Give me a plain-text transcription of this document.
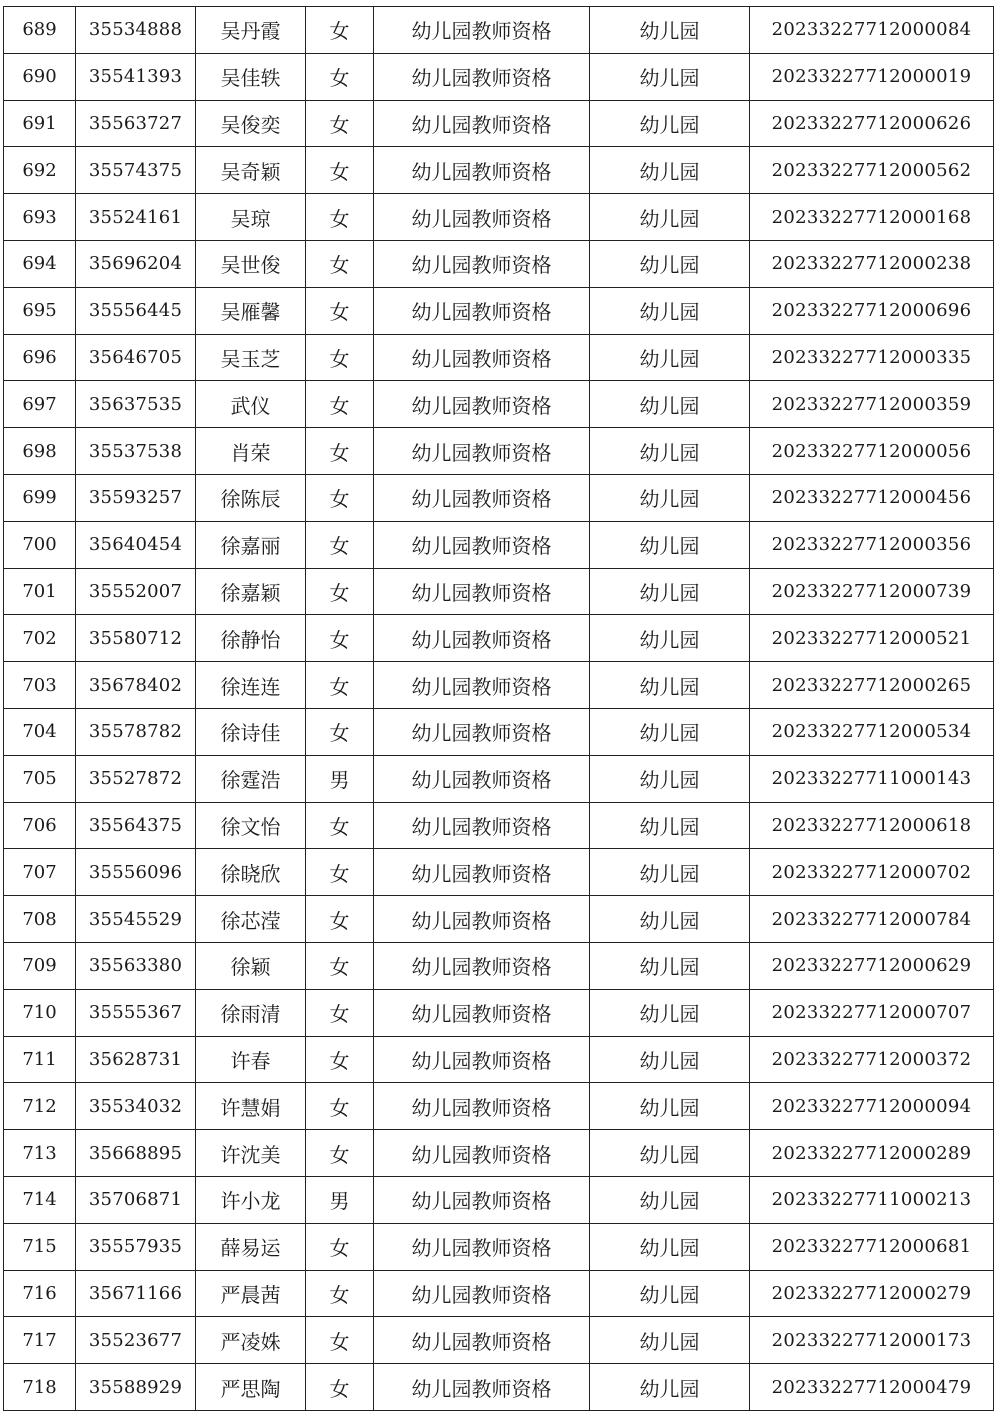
689	35534888	吴丹霞	女	幼儿园教师资格	幼儿园	20233227712000084
690	35541393	吴佳轶	女	幼儿园教师资格	幼儿园	20233227712000019
691	35563727	吴俊奕	女	幼儿园教师资格	幼儿园	20233227712000626
692	35574375	吴奇颖	女	幼儿园教师资格	幼儿园	20233227712000562
693	35524161	吴琼	女	幼儿园教师资格	幼儿园	20233227712000168
694	35696204	吴世俊	女	幼儿园教师资格	幼儿园	20233227712000238
695	35556445	吴雁馨	女	幼儿园教师资格	幼儿园	20233227712000696
696	35646705	吴玉芝	女	幼儿园教师资格	幼儿园	20233227712000335
697	35637535	武仪	女	幼儿园教师资格	幼儿园	20233227712000359
698	35537538	肖荣	女	幼儿园教师资格	幼儿园	20233227712000056
699	35593257	徐陈辰	女	幼儿园教师资格	幼儿园	20233227712000456
700	35640454	徐嘉丽	女	幼儿园教师资格	幼儿园	20233227712000356
701	35552007	徐嘉颖	女	幼儿园教师资格	幼儿园	20233227712000739
702	35580712	徐静怡	女	幼儿园教师资格	幼儿园	20233227712000521
703	35678402	徐连连	女	幼儿园教师资格	幼儿园	20233227712000265
704	35578782	徐诗佳	女	幼儿园教师资格	幼儿园	20233227712000534
705	35527872	徐霆浩	男	幼儿园教师资格	幼儿园	20233227711000143
706	35564375	徐文怡	女	幼儿园教师资格	幼儿园	20233227712000618
707	35556096	徐晓欣	女	幼儿园教师资格	幼儿园	20233227712000702
708	35545529	徐芯滢	女	幼儿园教师资格	幼儿园	20233227712000784
709	35563380	徐颖	女	幼儿园教师资格	幼儿园	20233227712000629
710	35555367	徐雨清	女	幼儿园教师资格	幼儿园	20233227712000707
711	35628731	许春	女	幼儿园教师资格	幼儿园	20233227712000372
712	35534032	许慧娟	女	幼儿园教师资格	幼儿园	20233227712000094
713	35668895	许沈美	女	幼儿园教师资格	幼儿园	20233227712000289
714	35706871	许小龙	男	幼儿园教师资格	幼儿园	20233227711000213
715	35557935	薛易运	女	幼儿园教师资格	幼儿园	20233227712000681
716	35671166	严晨茜	女	幼儿园教师资格	幼儿园	20233227712000279
717	35523677	严凌姝	女	幼儿园教师资格	幼儿园	20233227712000173
718	35588929	严思陶	女	幼儿园教师资格	幼儿园	20233227712000479
